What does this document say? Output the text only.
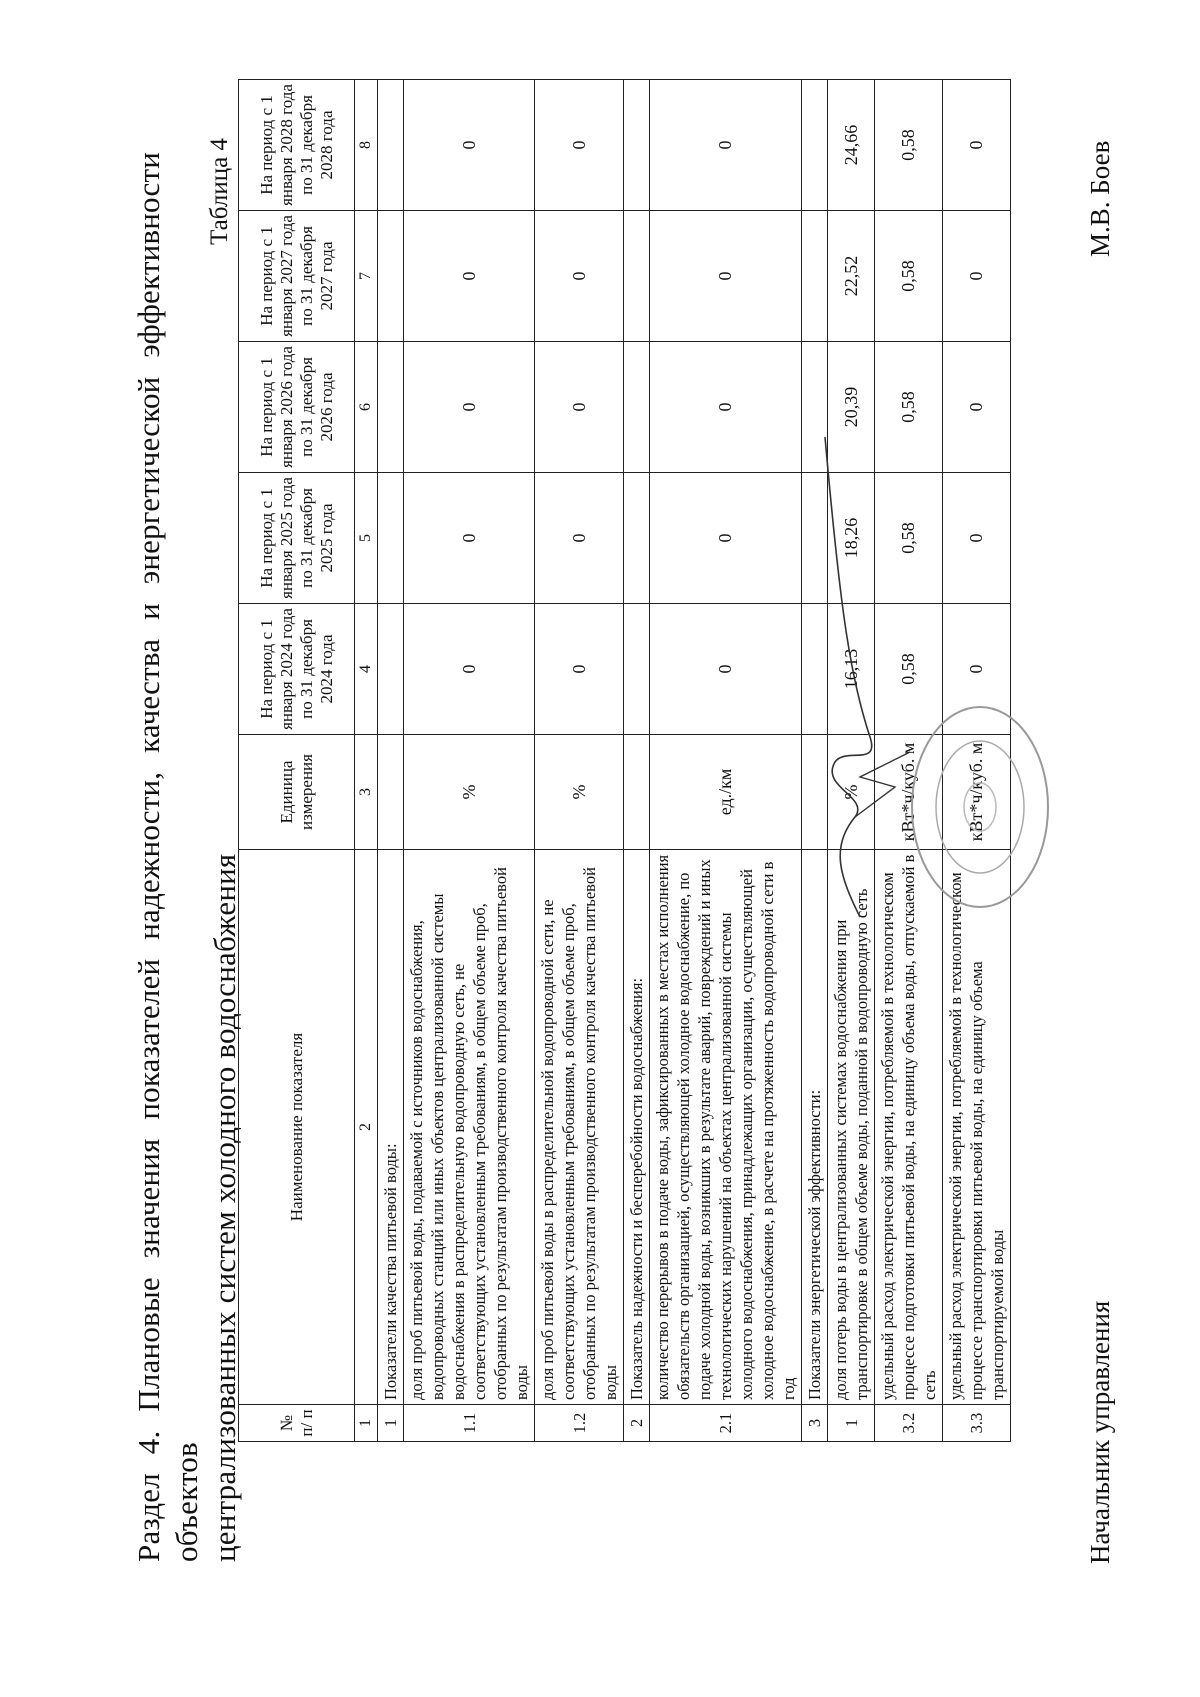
Раздел 4. Плановые значения показателей надежности, качества и энергетической эффективности объектов централизованных систем холодного водоснабжения
Таблица 4
№ п/ п	Наименование показателя	Единица измерения	На период с 1 января 2024 года по 31 декабря 2024 года	На период с 1 января 2025 года по 31 декабря 2025 года	На период с 1 января 2026 года по 31 декабря 2026 года	На период с 1 января 2027 года по 31 декабря 2027 года	На период с 1 января 2028 года по 31 декабря 2028 года
1	2	3	4	5	6	7	8
1	Показатели качества питьевой воды:						
1.1	доля проб питьевой воды, подаваемой с источников водоснабжения, водопроводных станций или иных объектов централизованной системы водоснабжения в распределительную водопроводную сеть, не соответствующих установленным требованиям, в общем объеме проб, отобранных по результатам производственного контроля качества питьевой воды	%	0	0	0	0	0
1.2	доля проб питьевой воды в распределительной водопроводной сети, не соответствующих установленным требованиям, в общем объеме проб, отобранных по результатам производственного контроля качества питьевой воды	%	0	0	0	0	0
2	Показатель надежности и бесперебойности водоснабжения:						
2.1	количество перерывов в подаче воды, зафиксированных в местах исполнения обязательств организацией, осуществляющей холодное водоснабжение, по подаче холодной воды, возникших в результате аварий, повреждений и иных технологических нарушений на объектах централизованной системы холодного водоснабжения, принадлежащих организации, осуществляющей холодное водоснабжение, в расчете на протяженность водопроводной сети в год	ед./км	0	0	0	0	0
3	Показатели энергетической эффективности:						
1	доля потерь воды в централизованных системах водоснабжения при транспортировке в общем объеме воды, поданной в водопроводную сеть	%	16,13	18,26	20,39	22,52	24,66
3.2	удельный расход электрической энергии, потребляемой в технологическом процессе подготовки питьевой воды, на единицу объема воды, отпускаемой в сеть	кВт*ч/куб. м	0,58	0,58	0,58	0,58	0,58
3.3	удельный расход электрической энергии, потребляемой в технологическом процессе транспортировки питьевой воды, на единицу объема транспортируемой воды	кВт*ч/куб. м	0	0	0	0	0
Начальник управления
М.В. Боев
